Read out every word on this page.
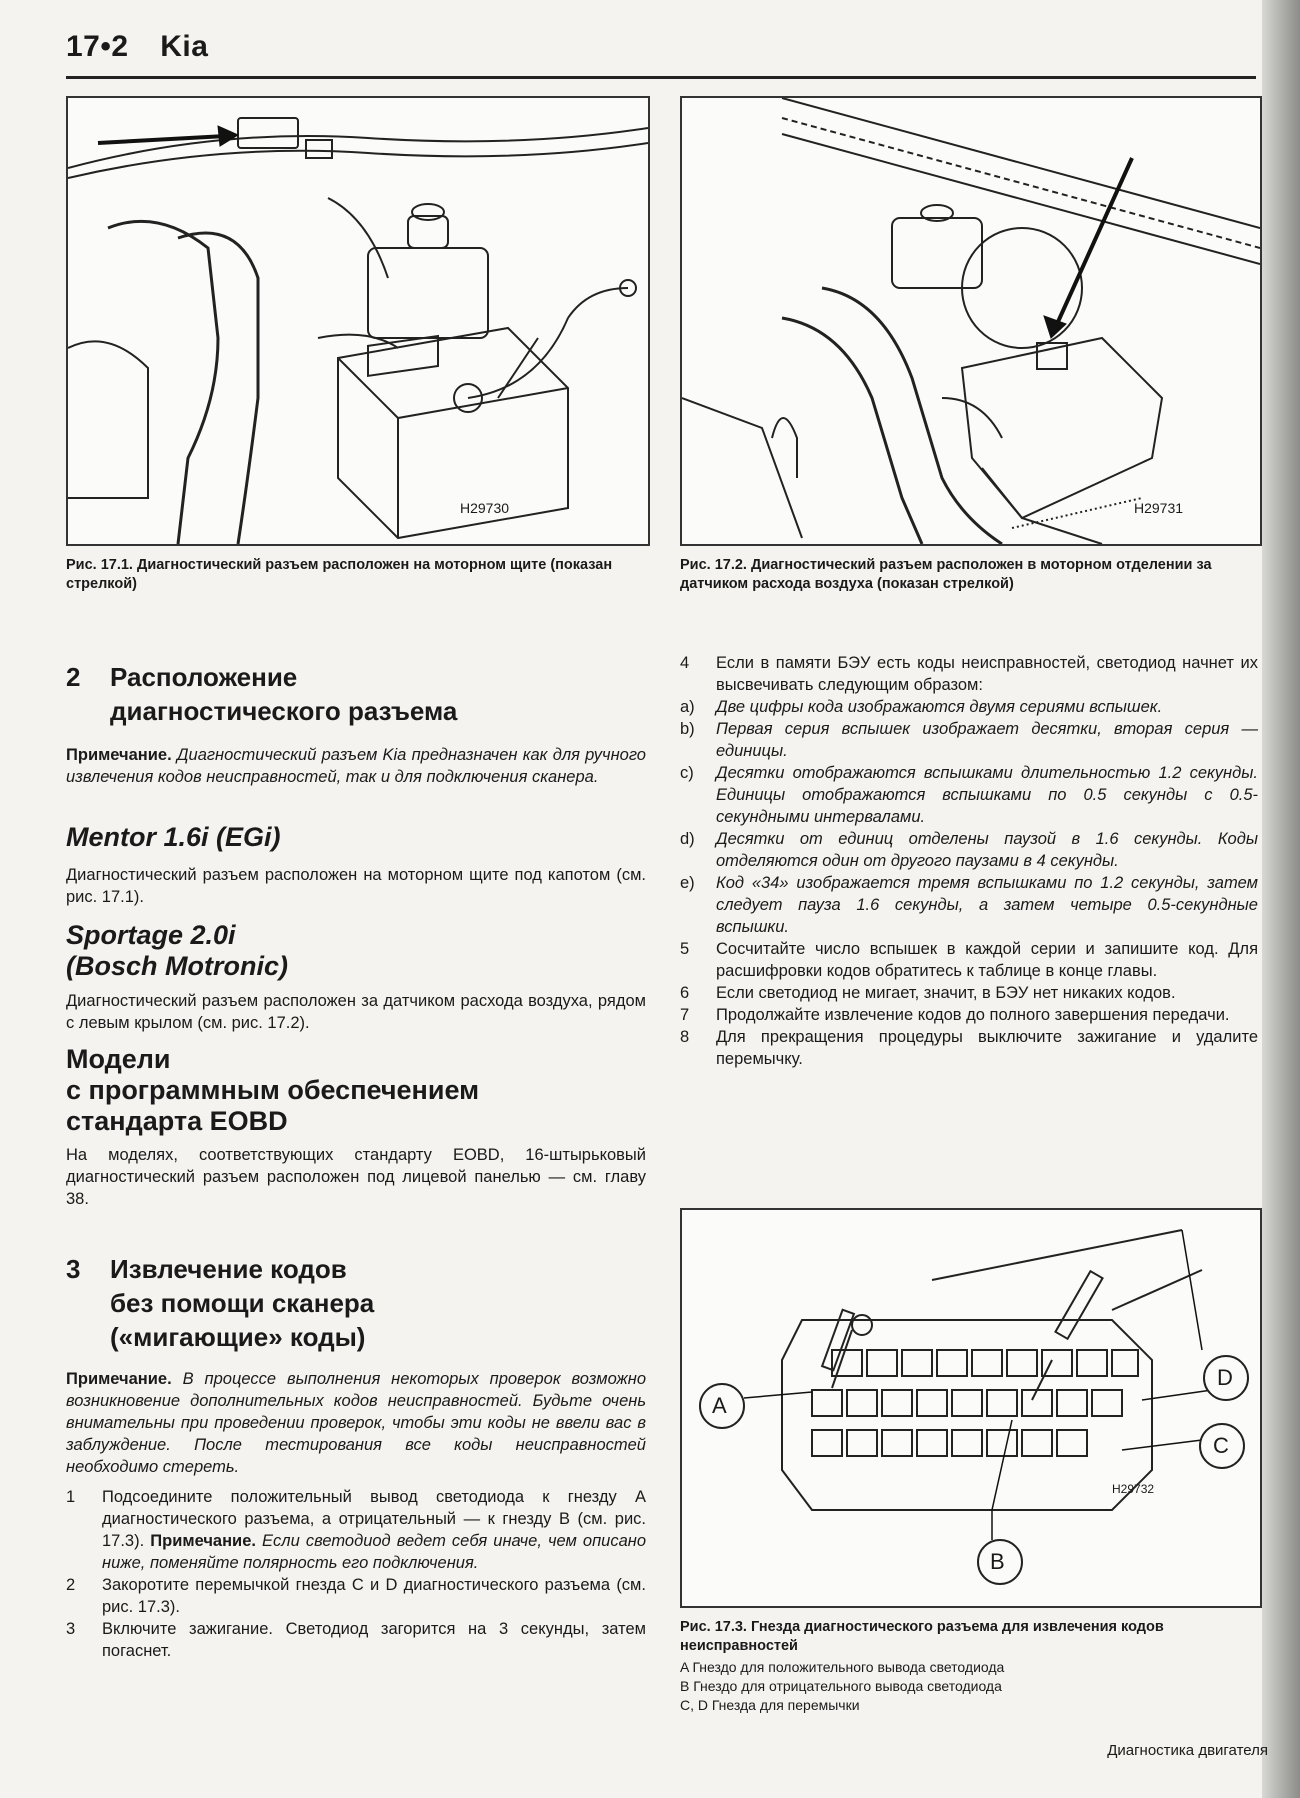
17•2 Kia
H29730	H29731
Рис. 17.1. Диагностический разъем расположен на моторном щите (показан стрелкой)
Рис. 17.2. Диагностический разъем расположен в моторном отделении за датчиком расхода воздуха (показан стрелкой)
2 Расположение
диагностического разъема
Примечание. Диагностический разъем Kia предназначен как для ручного извлечения кодов неисправностей, так и для подключения сканера.
Mentor 1.6i (EGi)
Диагностический разъем расположен на моторном щите под капотом (см. рис. 17.1).
Sportage 2.0i
(Bosch Motronic)
Диагностический разъем расположен за датчиком расхода воздуха, рядом с левым крылом (см. рис. 17.2).
Модели
с программным обеспечением
стандарта EOBD
На моделях, соответствующих стандарту EOBD, 16-штырьковый диагностический разъем расположен под лицевой панелью — см. главу 38.
3 Извлечение кодов
без помощи сканера
(«мигающие» коды)
Примечание. В процессе выполнения некоторых проверок возможно возникновение дополнительных кодов неисправностей. Будьте очень внимательны при проведении проверок, чтобы эти коды не ввели вас в заблуждение. После тестирования все коды неисправностей необходимо стереть.
1 Подсоедините положительный вывод светодиода к гнезду A диагностического разъема, а отрицательный — к гнезду B (см. рис. 17.3). Примечание. Если светодиод ведет себя иначе, чем описано ниже, поменяйте полярность его подключения.
2 Закоротите перемычкой гнезда C и D диагностического разъема (см. рис. 17.3).
3 Включите зажигание. Светодиод загорится на 3 секунды, затем погаснет.
4 Если в памяти БЭУ есть коды неисправностей, светодиод начнет их высвечивать следующим образом:
a) Две цифры кода изображаются двумя сериями вспышек.
b) Первая серия вспышек изображает десятки, вторая серия — единицы.
c) Десятки отображаются вспышками длительностью 1.2 секунды. Единицы отображаются вспышками по 0.5 секунды с 0.5-секундными интервалами.
d) Десятки от единиц отделены паузой в 1.6 секунды. Коды отделяются один от другого паузами в 4 секунды.
e) Код «34» изображается тремя вспышками по 1.2 секунды, затем следует пауза 1.6 секунды, а затем четыре 0.5-секундные вспышки.
5 Сосчитайте число вспышек в каждой серии и запишите код. Для расшифровки кодов обратитесь к таблице в конце главы.
6 Если светодиод не мигает, значит, в БЭУ нет никаких кодов.
7 Продолжайте извлечение кодов до полного завершения передачи.
8 Для прекращения процедуры выключите зажигание и удалите перемычку.
A
B
C
D
H29732
Рис. 17.3. Гнезда диагностического разъема для извлечения кодов неисправностей
A Гнездо для положительного вывода светодиода
B Гнездо для отрицательного вывода светодиода
C, D Гнезда для перемычки
Диагностика двигателя
